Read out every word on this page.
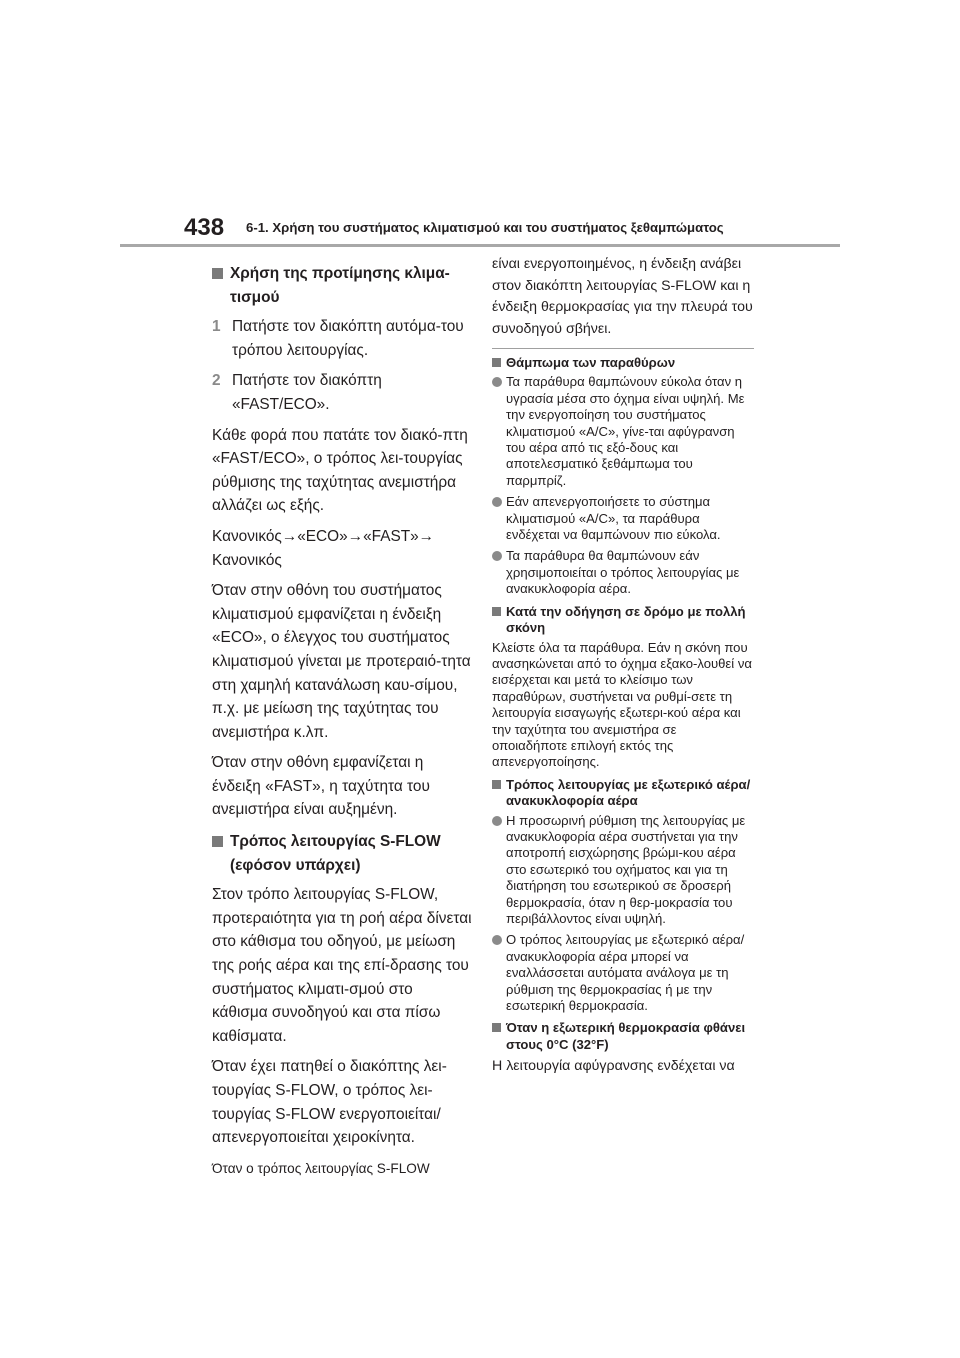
438 6-1. Χρήση του συστήματος κλιματισμού και του συστήματος ξεθαμπώματος
Χρήση της προτίμησης κλιμα-τισμού
1 Πατήστε τον διακόπτη αυτόμα-του τρόπου λειτουργίας.
2 Πατήστε τον διακόπτη «FAST/ECO».

Κάθε φορά που πατάτε τον διακό-πτη «FAST/ECO», ο τρόπος λει-τουργίας ρύθμισης της ταχύτητας ανεμιστήρα αλλάζει ως εξής.

Κανονικός→«ECO»→«FAST»→ Κανονικός

Όταν στην οθόνη του συστήματος κλιματισμού εμφανίζεται η ένδειξη «ECO», ο έλεγχος του συστήματος κλιματισμού γίνεται με προτεραιό-τητα στη χαμηλή κατανάλωση καυ-σίμου, π.χ. με μείωση της ταχύτητας του ανεμιστήρα κ.λπ.

Όταν στην οθόνη εμφανίζεται η ένδειξη «FAST», η ταχύτητα του ανεμιστήρα είναι αυξημένη.

Τρόπος λειτουργίας S-FLOW (εφόσον υπάρχει)

Στον τρόπο λειτουργίας S-FLOW, προτεραιότητα για τη ροή αέρα δίνεται στο κάθισμα του οδηγού, με μείωση της ροής αέρα και της επί-δρασης του συστήματος κλιματι-σμού στο κάθισμα συνοδηγού και στα πίσω καθίσματα.

Όταν έχει πατηθεί ο διακόπτης λει-τουργίας S-FLOW, ο τρόπος λει-τουργίας S-FLOW ενεργοποιείται/απενεργοποιείται χειροκίνητα.

Όταν ο τρόπος λειτουργίας S-FLOW

είναι ενεργοποιημένος, η ένδειξη ανάβει στον διακόπτη λειτουργίας S-FLOW και η ένδειξη θερμοκρασίας για την πλευρά του συνοδηγού σβήνει.

Θάμπωμα των παραθύρων
Τα παράθυρα θαμπώνουν εύκολα όταν η υγρασία μέσα στο όχημα είναι υψηλή. Με την ενεργοποίηση του συστήματος κλιματισμού «A/C», γίνε-ται αφύγρανση του αέρα από τις εξό-δους και αποτελεσματικό ξεθάμπωμα του παρμπρίζ.
Εάν απενεργοποιήσετε το σύστημα κλιματισμού «A/C», τα παράθυρα ενδέχεται να θαμπώνουν πιο εύκολα.
Τα παράθυρα θα θαμπώνουν εάν χρησιμοποιείται ο τρόπος λειτουργίας με ανακυκλοφορία αέρα.
Κατά την οδήγηση σε δρόμο με πολλή σκόνη

Κλείστε όλα τα παράθυρα. Εάν η σκόνη που ανασηκώνεται από το όχημα εξακο-λουθεί να εισέρχεται και μετά το κλείσιμο των παραθύρων, συστήνεται να ρυθμί-σετε τη λειτουργία εισαγωγής εξωτερι-κού αέρα και την ταχύτητα του ανεμιστήρα σε οποιαδήποτε επιλογή εκτός της απενεργοποίησης.

Τρόπος λειτουργίας με εξωτερικό αέρα/ανακυκλοφορία αέρα
Η προσωρινή ρύθμιση της λειτουργίας με ανακυκλοφορία αέρα συστήνεται για την αποτροπή εισχώρησης βρώμι-κου αέρα στο εσωτερικό του οχήματος και για τη διατήρηση του εσωτερικού σε δροσερή θερμοκρασία, όταν η θερ-μοκρασία του περιβάλλοντος είναι υψηλή.
Ο τρόπος λειτουργίας με εξωτερικό αέρα/ανακυκλοφορία αέρα μπορεί να εναλλάσσεται αυτόματα ανάλογα με τη ρύθμιση της θερμοκρασίας ή με την εσωτερική θερμοκρασία.
Όταν η εξωτερική θερμοκρασία φθάνει στους 0°C (32°F)

Η λειτουργία αφύγρανσης ενδέχεται να
